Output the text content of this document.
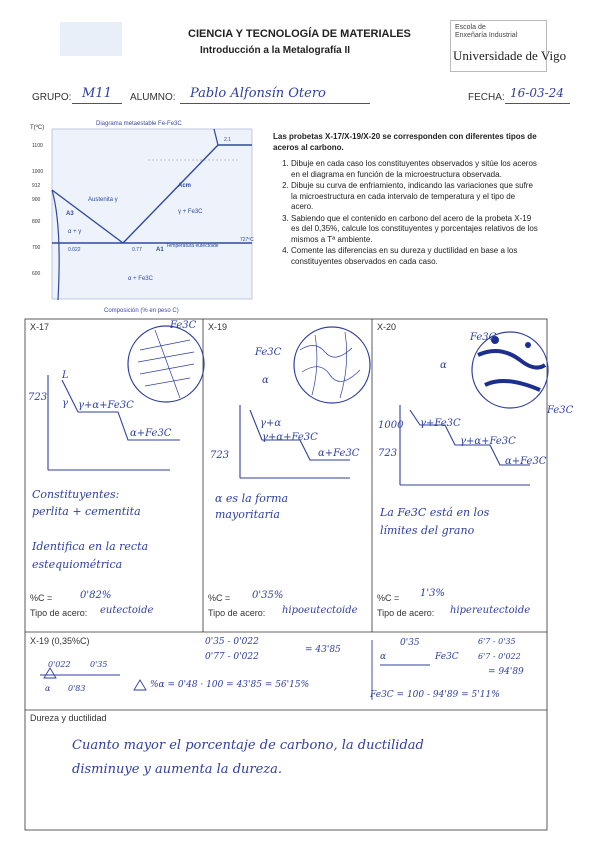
CIENCIA Y TECNOLOGÍA DE MATERIALES
Introducción a la Metalografía II
Escola de
Enxeñaría Industrial
Universidade de Vigo
GRUPO: M11 ALUMNO: Pablo Alfonsín Otero	FECHA: 16-03-24
Diagrama metaestable Fe-Fe3C
T(ºC)
1100
1000
912
900
800
700
600
Austenita γ
γ + Fe3C
α + γ
α + Fe3C
A3
Acm
A1
0.77
0.022
2.1
Temperatura eutectoide
727ºC
Composición (% en peso C)
Las probetas X-17/X-19/X-20 se corresponden con diferentes tipos de aceros al carbono.
1. Dibuje en cada caso los constituyentes observados y sitúe los aceros en el diagrama en función de la microestructura observada.
2. Dibuje su curva de enfriamiento, indicando las variaciones que sufre la microestructura en cada intervalo de temperatura y el tipo de acero.
3. Sabiendo que el contenido en carbono del acero de la probeta X-19 es del 0,35%, calcule los constituyentes y porcentajes relativos de los mismos a Tª ambiente.
4. Comente las diferencias en su dureza y ductilidad en base a los constituyentes observados en cada caso.
X-17	Fe3C
723
L
γ γ+α+Fe3C
α+Fe3C
Constituyentes:
perlita + cementita
Identifica en la recta
estequiométrica
%C =	0'82%
Tipo de acero: eutectoide
X-19
Fe3C
α
723
γ+α
γ+α+Fe3C
α+Fe3C
α es la forma
mayoritaria
%C = 0'35%
Tipo de acero: hipoeutectoide
X-20
Fe3C
α
Fe3C
1000
723
γ+Fe3C
γ+α+Fe3C
α+Fe3C
La Fe3C está en los
límites del grano
%C = 1'3%
Tipo de acero: hipereutectoide
X-19 (0,35%C)
0'022 0'35
α 0'83	%α = 0'48 · 100 = 43'85 = 56'15%
0'35 - 0'022
0'77 - 0'022
= 43'85
0'35
α	Fe3C
6'7 - 0'35
6'7 - 0'022
= 94'89
Fe3C = 100 - 94'89 = 5'11%
Dureza y ductilidad
Cuanto mayor el porcentaje de carbono, la ductilidad
disminuye y aumenta la dureza.
